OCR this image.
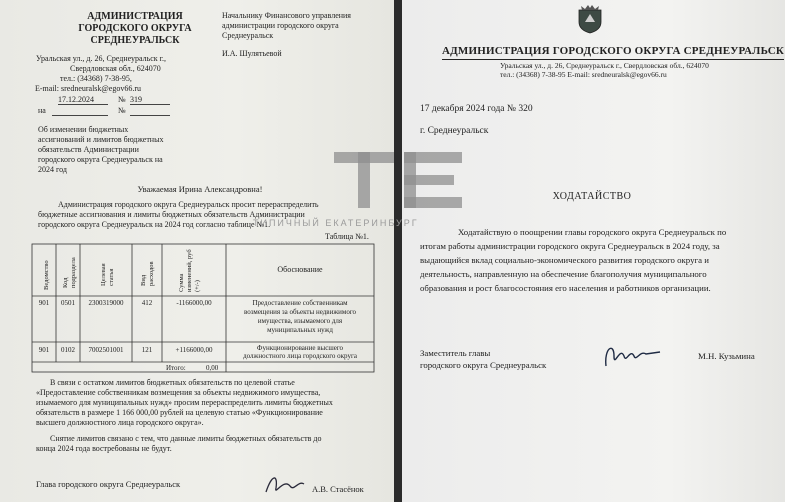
АДМИНИСТРАЦИЯ
ГОРОДСКОГО ОКРУГА
СРЕДНЕУРАЛЬСК
Уральская ул., д. 26, Среднеуральск г.,
Свердловская обл., 624070
тел.: (34368) 7-38-95,
E-mail: sredneuralsk@egov66.ru
17.12.2024	№ 319
на	№
Начальнику Финансового управления
администрации городского округа
Среднеуральск
И.А. Шулятьевой
Об изменении бюджетных
ассигнований и лимитов бюджетных
обязательств Администрации
городского округа Среднеуральск на
2024 год
Уважаемая Ирина Александровна!
Администрация городского округа Среднеуральск просит перераспределить
бюджетные ассигнования и лимиты бюджетных обязательств Администрации
городского округа Среднеуральск на 2024 год согласно таблице №1.
Таблица №1.
Ведомство Код подраздела	Целевая статья	Вид расходов	Сумма изменений, руб (+/-)
Обоснование
901	0501	2300319000	412	-1166000,00	Предоставление собственникам
возмещения за объекты недвижимого
имущества, изымаемого для
муниципальных нужд
901	0102	7002501001	121	+1166000,00	Функционирование высшего
должностного лица городского округа
Итого:	0,00
В связи с остатком лимитов бюджетных обязательств по целевой статье
«Предоставление собственникам возмещения за объекты недвижимого имущества,
изымаемого для муниципальных нужд» просим перераспределить лимиты бюджетных
обязательств в размере 1 166 000,00 рублей на целевую статью «Функционирование
высшего должностного лица городского округа».
Снятие лимитов связано с тем, что данные лимиты бюджетных обязательств до
конца 2024 года востребованы не будут.
Глава городского округа Среднеуральск	А.В. Стасёнок
АДМИНИСТРАЦИЯ ГОРОДСКОГО ОКРУГА СРЕДНЕУРАЛЬСК
Уральская ул., д. 26, Среднеуральск г., Свердловская обл., 624070
тел.: (34368) 7-38-95 E-mail: sredneuralsk@egov66.ru
17 декабря 2024 года № 320
г. Среднеуральск
ХОДАТАЙСТВО
Ходатайствую о поощрении главы городского округа Среднеуральск по
итогам работы администрации городского округа Среднеуральск в 2024 году, за
выдающийся вклад социально-экономического развития городского округа и
деятельность, направленную на обеспечение благополучия муниципального
образования и рост благосостояния его населения и работников организации.
Заместитель главы
городского округа Среднеуральск
М.Н. Кузьмина
ТИПИЧНЫЙ ЕКАТЕРИНБУРГ
